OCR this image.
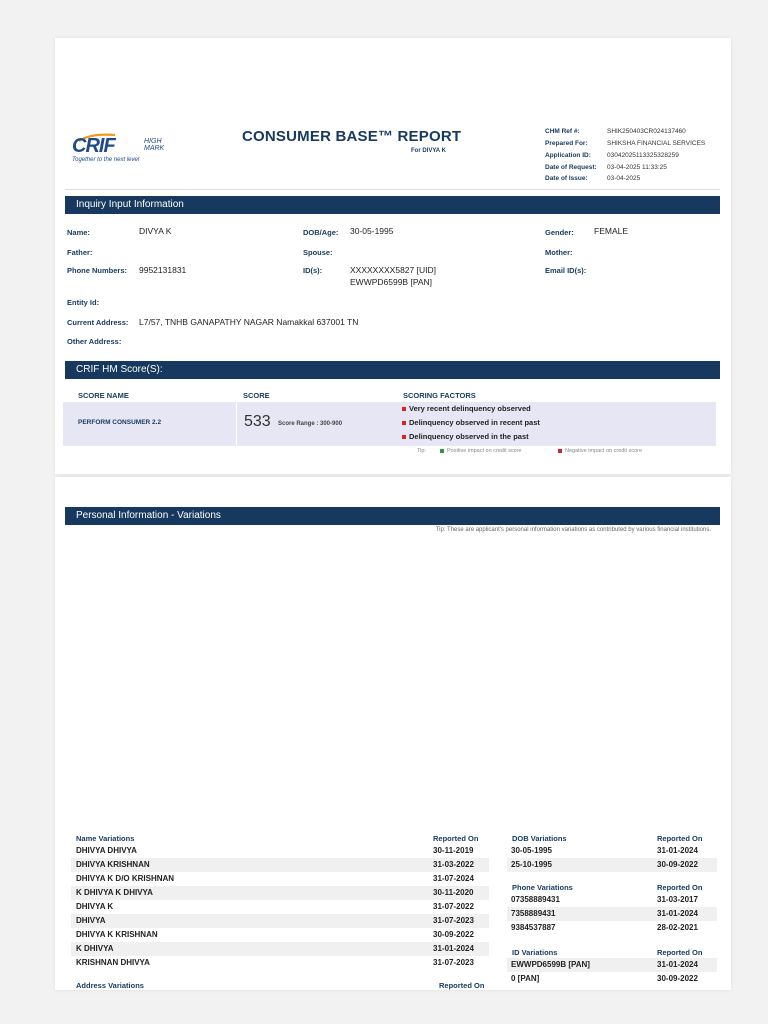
CRIF	HIGH
MARK
Together to the next level
CONSUMER BASE™ REPORT
For DIVYA K
CHM Ref #:	SHIK250403CR024137460
Prepared For:	SHIKSHA FINANCIAL SERVICES
Application ID: 03042025113325328259
Date of Request: 03-04-2025 11:33:25
Date of Issue:	03-04-2025
Inquiry Input Information
Name:	DIVYA K	DOB/Age: 30-05-1995	Gender: FEMALE
Father:	Spouse:	Mother:
Phone Numbers: 9952131831	ID(s):	XXXXXXXX5827 [UID]
EWWPD6599B [PAN]
Email ID(s):
Entity Id:
Current Address: L7/57, TNHB GANAPATHY NAGAR Namakkal 637001 TN
Other Address:
CRIF HM Score(S):
SCORE NAME	SCORE	SCORING FACTORS
PERFORM CONSUMER 2.2	533 Score Range : 300-900
Very recent delinquency observed
Delinquency observed in recent past
Delinquency observed in the past
Tip:	Positive impact on credit score	Negative impact on credit score
Personal Information - Variations
Tip: These are applicant's personal information variations as contributed by various financial institutions.
Name Variations	Reported On
DHIVYA DHIVYA	30-11-2019
DHIVYA KRISHNAN	31-03-2022
DHIVYA K D/O KRISHNAN	31-07-2024
K DHIVYA K DHIVYA	30-11-2020
DHIVYA K	31-07-2022
DHIVYA	31-07-2023
DHIVYA K KRISHNAN	30-09-2022
K DHIVYA	31-01-2024
KRISHNAN DHIVYA	31-07-2023
Address Variations	Reported On
DOB Variations	Reported On
30-05-1995	31-01-2024
25-10-1995	30-09-2022
Phone Variations	Reported On
07358889431	31-03-2017
7358889431	31-01-2024
9384537887	28-02-2021
ID Variations	Reported On
EWWPD6599B [PAN]	31-01-2024
0 [PAN]	30-09-2022
